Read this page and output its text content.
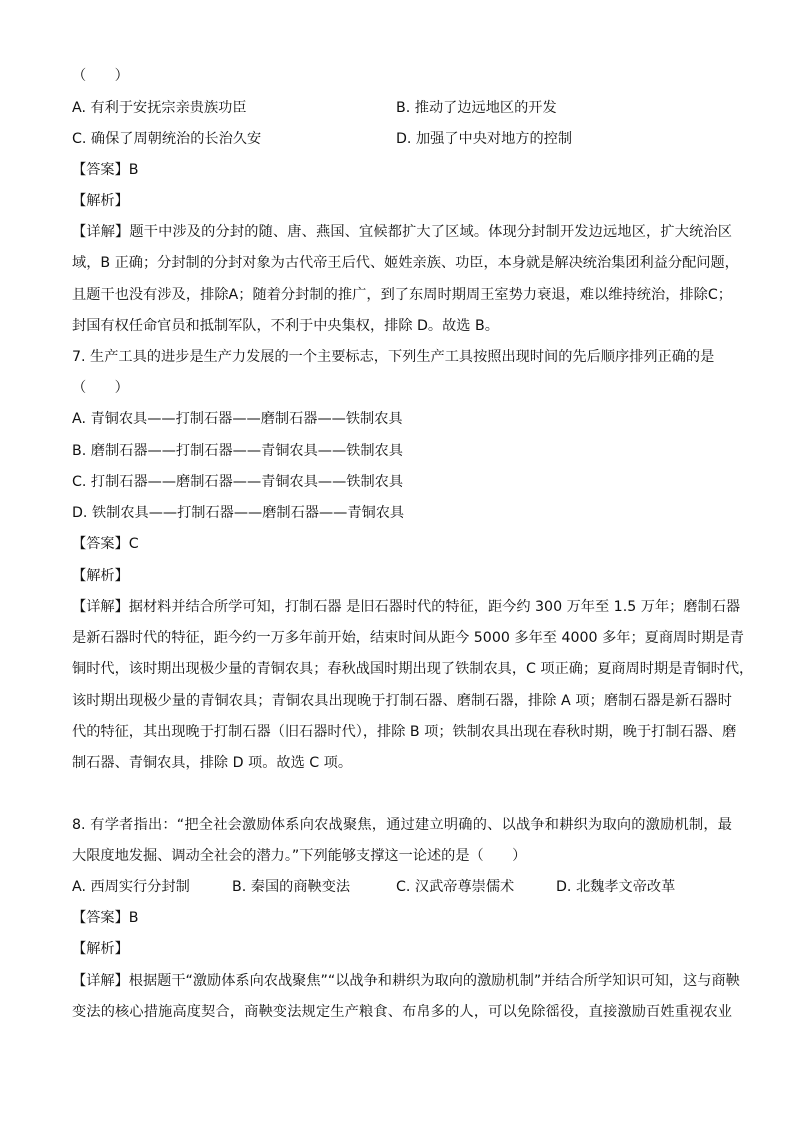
（　　）
A. 有利于安抚宗亲贵族功臣	B. 推动了边远地区的开发
C. 确保了周朝统治的长治久安	D. 加强了中央对地方的控制
【答案】B
【解析】
【详解】题干中涉及的分封的随、唐、燕国、宜候都扩大了区域。体现分封制开发边远地区，扩大统治区
域，B 正确；分封制的分封对象为古代帝王后代、姬姓亲族、功臣，本身就是解决统治集团利益分配问题，
且题干也没有涉及，排除A；随着分封制的推广，到了东周时期周王室势力衰退，难以维持统治，排除C；
封国有权任命官员和抵制军队，不利于中央集权，排除 D。故选 B。
7. 生产工具的进步是生产力发展的一个主要标志，下列生产工具按照出现时间的先后顺序排列正确的是
（　　）
A. 青铜农具——打制石器——磨制石器——铁制农具
B. 磨制石器——打制石器——青铜农具——铁制农具
C. 打制石器——磨制石器——青铜农具——铁制农具
D. 铁制农具——打制石器——磨制石器——青铜农具
【答案】C
【解析】
【详解】据材料并结合所学可知，打制石器 是旧石器时代的特征，距今约 300 万年至 1.5 万年；磨制石器
是新石器时代的特征，距今约一万多年前开始，结束时间从距今 5000 多年至 4000 多年；夏商周时期是青
铜时代，该时期出现极少量的青铜农具；春秋战国时期出现了铁制农具，C 项正确；夏商周时期是青铜时代，
该时期出现极少量的青铜农具；青铜农具出现晚于打制石器、磨制石器，排除 A 项；磨制石器是新石器时
代的特征，其出现晚于打制石器（旧石器时代），排除 B 项；铁制农具出现在春秋时期，晚于打制石器、磨
制石器、青铜农具，排除 D 项。故选 C 项。
8. 有学者指出：“把全社会激励体系向农战聚焦，通过建立明确的、以战争和耕织为取向的激励机制，最
大限度地发掘、调动全社会的潜力。”下列能够支撑这一论述的是（　　）
A. 西周实行分封制	B. 秦国的商鞅变法	C. 汉武帝尊崇儒术	D. 北魏孝文帝改革
【答案】B
【解析】
【详解】根据题干“激励体系向农战聚焦”“以战争和耕织为取向的激励机制”并结合所学知识可知，这与商鞅
变法的核心措施高度契合，商鞅变法规定生产粮食、布帛多的人，可以免除徭役，直接激励百姓重视农业
